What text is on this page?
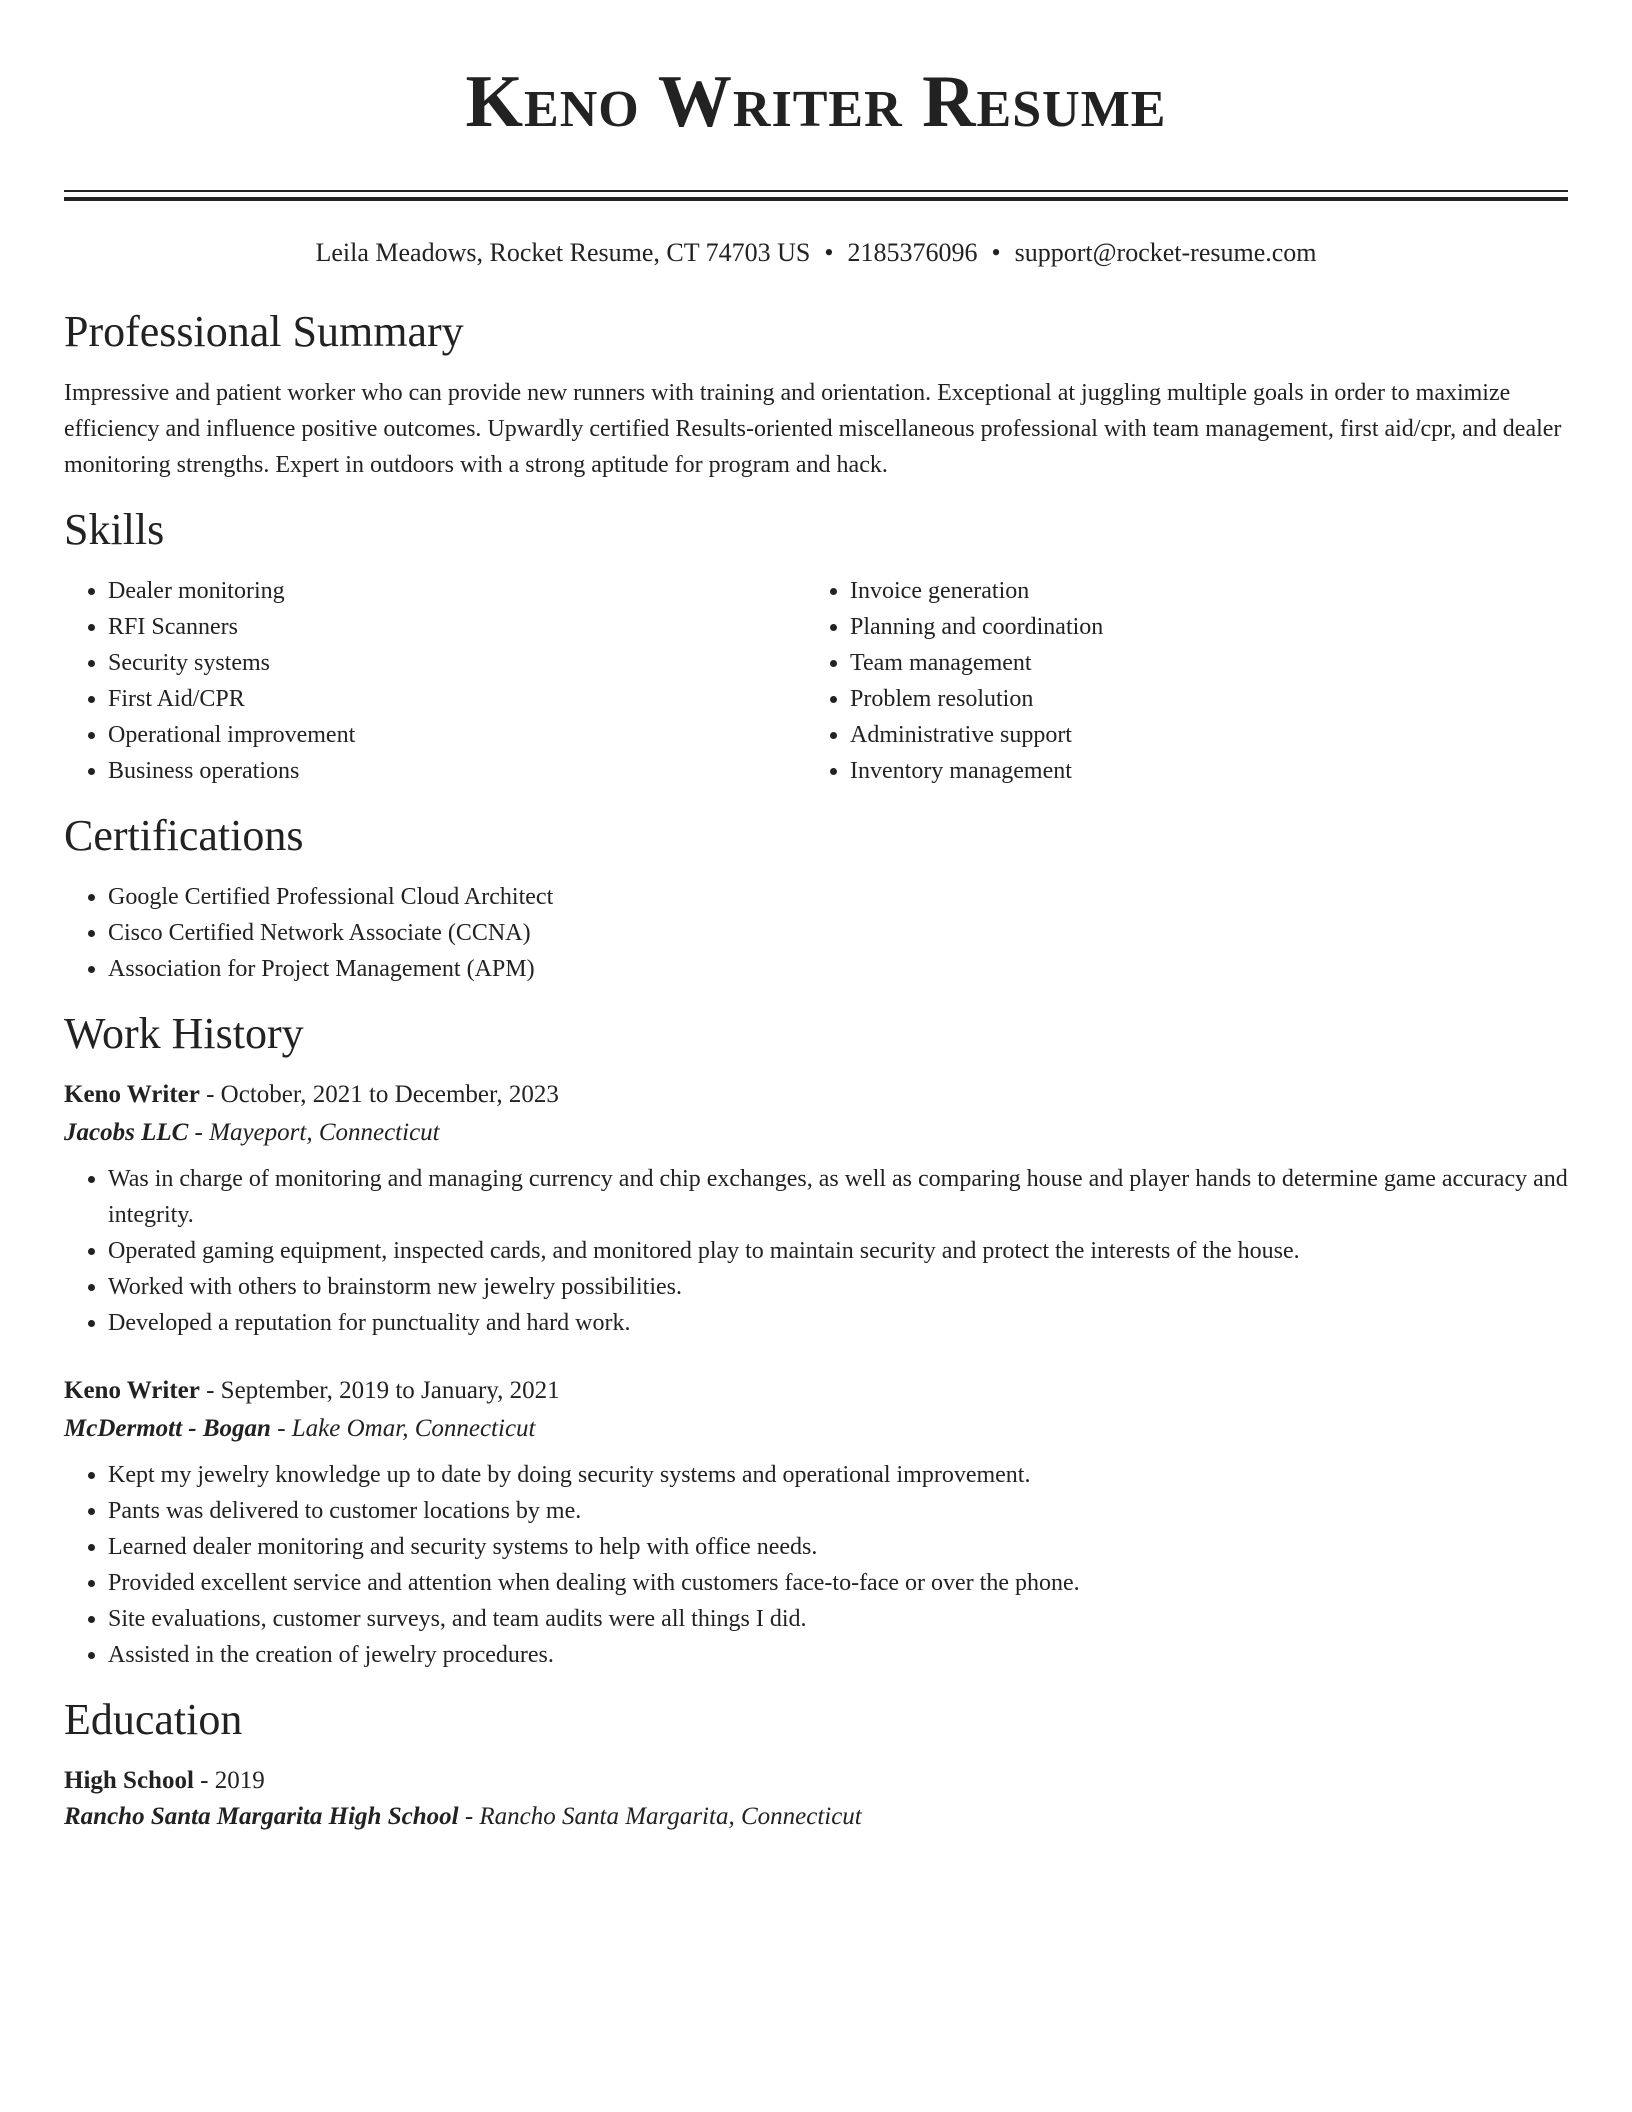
Keno Writer Resume
Leila Meadows, Rocket Resume, CT 74703 US • 2185376096 • support@rocket-resume.com
Professional Summary

Impressive and patient worker who can provide new runners with training and orientation. Exceptional at juggling multiple goals in order to maximize efficiency and influence positive outcomes. Upwardly certified Results-oriented miscellaneous professional with team management, first aid/cpr, and dealer monitoring strengths. Expert in outdoors with a strong aptitude for program and hack.

Skills
• Dealer monitoring
• RFI Scanners
• Security systems
• First Aid/CPR
• Operational improvement
• Business operations
• Invoice generation
• Planning and coordination
• Team management
• Problem resolution
• Administrative support
• Inventory management
Certifications
• Google Certified Professional Cloud Architect
• Cisco Certified Network Associate (CCNA)
• Association for Project Management (APM)
Work History

Keno Writer - October, 2021 to December, 2023

Jacobs LLC - Mayeport, Connecticut

• Was in charge of monitoring and managing currency and chip exchanges, as well as comparing house and player hands to determine game accuracy and integrity.
• Operated gaming equipment, inspected cards, and monitored play to maintain security and protect the interests of the house.
• Worked with others to brainstorm new jewelry possibilities.
• Developed a reputation for punctuality and hard work.

Keno Writer - September, 2019 to January, 2021

McDermott - Bogan - Lake Omar, Connecticut

• Kept my jewelry knowledge up to date by doing security systems and operational improvement.
• Pants was delivered to customer locations by me.
• Learned dealer monitoring and security systems to help with office needs.
• Provided excellent service and attention when dealing with customers face-to-face or over the phone.
• Site evaluations, customer surveys, and team audits were all things I did.
• Assisted in the creation of jewelry procedures.
Education

High School - 2019

Rancho Santa Margarita High School - Rancho Santa Margarita, Connecticut
